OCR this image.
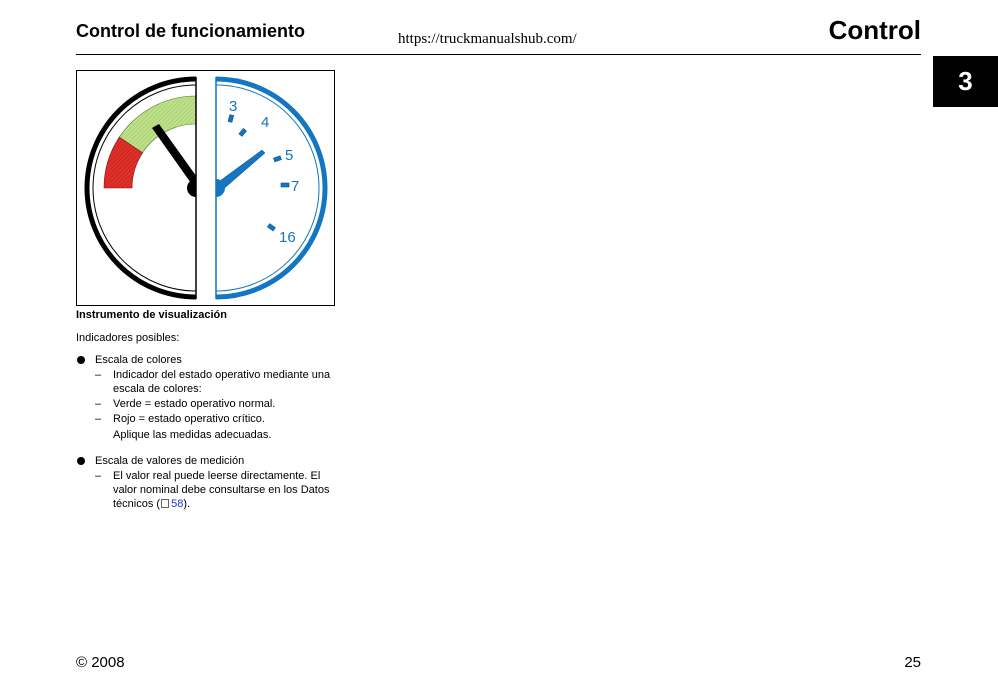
Control de funcionamiento	https://truckmanualshub.com/	Control
3
3
4
5
7
16
Instrumento de visualización

Indicadores posibles:

Escala de colores
– Indicador del estado operativo mediante una escala de colores:
– Verde = estado operativo normal.
– Rojo = estado operativo crítico.
Aplique las medidas adecuadas.
Escala de valores de medición
– El valor real puede leerse directamente. El valor nominal debe consultarse en los Datos técnicos ( 58).
© 2008	25
